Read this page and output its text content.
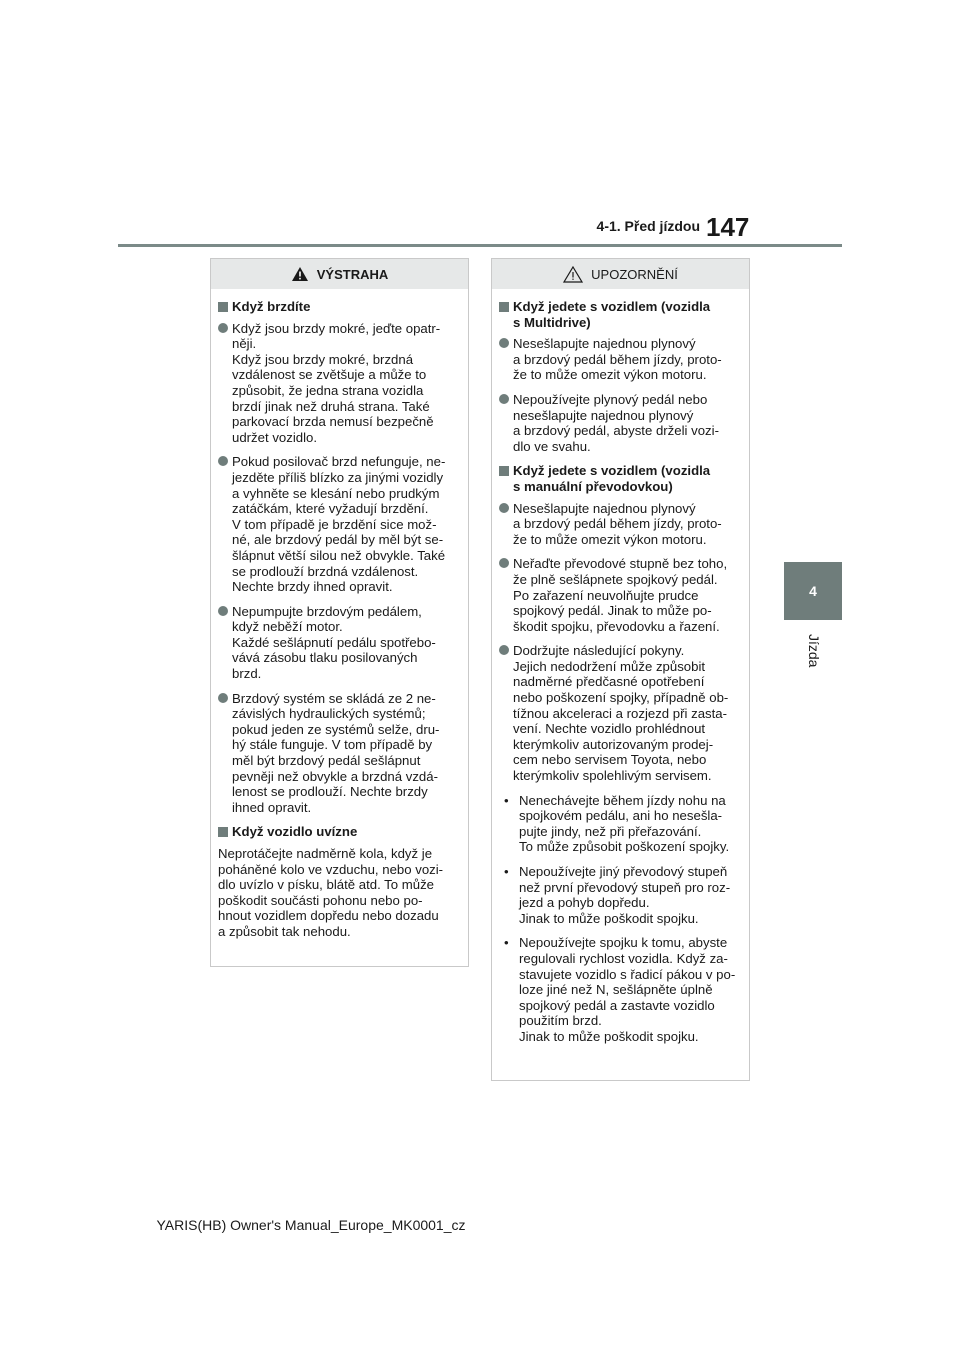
4-1. Před jízdou 147
4
Jízda
VÝSTRAHA
Když brzdíte
Když jsou brzdy mokré, jeďte opatr-
něji.
Když jsou brzdy mokré, brzdná
vzdálenost se zvětšuje a může to
způsobit, že jedna strana vozidla
brzdí jinak než druhá strana. Také
parkovací brzda nemusí bezpečně
udržet vozidlo.
Pokud posilovač brzd nefunguje, ne-
jezděte příliš blízko za jinými vozidly
a vyhněte se klesání nebo prudkým
zatáčkám, které vyžadují brzdění.
V tom případě je brzdění sice mož-
né, ale brzdový pedál by měl být se-
šlápnut větší silou než obvykle. Také
se prodlouží brzdná vzdálenost.
Nechte brzdy ihned opravit.
Nepumpujte brzdovým pedálem,
když neběží motor.
Každé sešlápnutí pedálu spotřebo-
vává zásobu tlaku posilovaných
brzd.
Brzdový systém se skládá ze 2 ne-
závislých hydraulických systémů;
pokud jeden ze systémů selže, dru-
hý stále funguje. V tom případě by
měl být brzdový pedál sešlápnut
pevněji než obvykle a brzdná vzdá-
lenost se prodlouží. Nechte brzdy
ihned opravit.
Když vozidlo uvízne
Neprotáčejte nadměrně kola, když je
poháněné kolo ve vzduchu, nebo vozi-
dlo uvízlo v písku, blátě atd. To může
poškodit součásti pohonu nebo po-
hnout vozidlem dopředu nebo dozadu
a způsobit tak nehodu.
UPOZORNĚNÍ
Když jedete s vozidlem (vozidla
s Multidrive)
Nesešlapujte najednou plynový
a brzdový pedál během jízdy, proto-
že to může omezit výkon motoru.
Nepoužívejte plynový pedál nebo
nesešlapujte najednou plynový
a brzdový pedál, abyste drželi vozi-
dlo ve svahu.
Když jedete s vozidlem (vozidla
s manuální převodovkou)
Nesešlapujte najednou plynový
a brzdový pedál během jízdy, proto-
že to může omezit výkon motoru.
Neřaďte převodové stupně bez toho,
že plně sešlápnete spojkový pedál.
Po zařazení neuvolňujte prudce
spojkový pedál. Jinak to může po-
škodit spojku, převodovku a řazení.
Dodržujte následující pokyny.
Jejich nedodržení může způsobit
nadměrné předčasné opotřebení
nebo poškození spojky, případně ob-
tížnou akceleraci a rozjezd při zasta-
vení. Nechte vozidlo prohlédnout
kterýmkoliv autorizovaným prodej-
cem nebo servisem Toyota, nebo
kterýmkoliv spolehlivým servisem.
• Nenechávejte během jízdy nohu na
spojkovém pedálu, ani ho nesešla-
pujte jindy, než při přeřazování.
To může způsobit poškození spojky.
• Nepoužívejte jiný převodový stupeň
než první převodový stupeň pro roz-
jezd a pohyb dopředu.
Jinak to může poškodit spojku.
• Nepoužívejte spojku k tomu, abyste
regulovali rychlost vozidla. Když za-
stavujete vozidlo s řadicí pákou v po-
loze jiné než N, sešlápněte úplně
spojkový pedál a zastavte vozidlo
použitím brzd.
Jinak to může poškodit spojku.
YARIS(HB) Owner's Manual_Europe_MK0001_cz
